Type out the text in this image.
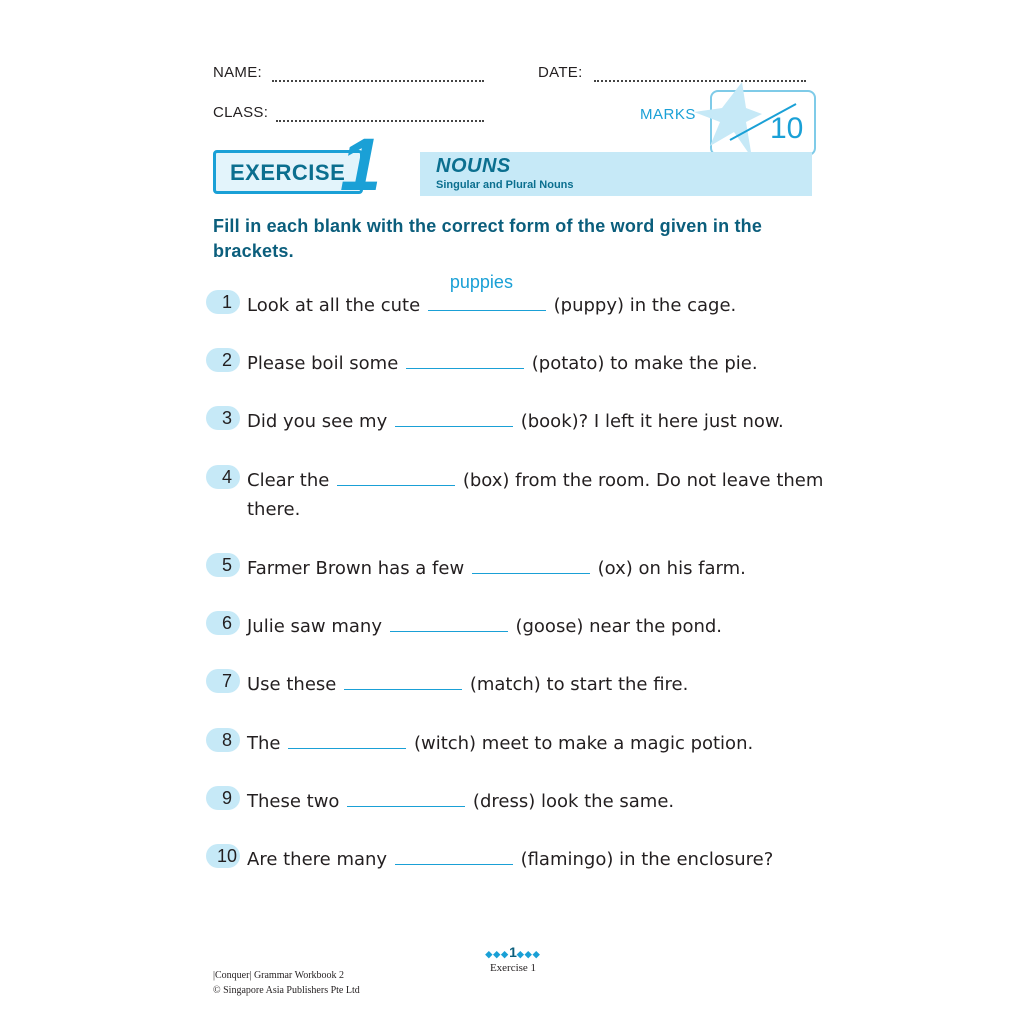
NAME:	DATE:
CLASS:	MARKS 10
EXERCISE
1	NOUNS
Singular and Plural Nouns
Fill in each blank with the correct form of the word given in the brackets.
1 Look at all the cute
puppies
(puppy) in the cage.
2 Please boil some	(potato) to make the pie.
3 Did you see my	(book)? I left it here just now.
4 Clear the	(box) from the room. Do not leave them
there.
5 Farmer Brown has a few	(ox) on his farm.
6 Julie saw many	(goose) near the pond.
7 Use these	(match) to start the fire.
8 The	(witch) meet to make a magic potion.
9 These two	(dress) look the same.
10 Are there many	(flamingo) in the enclosure?
◆◆◆1◆◆◆
Exercise 1
|Conquer| Grammar Workbook 2
© Singapore Asia Publishers Pte Ltd
